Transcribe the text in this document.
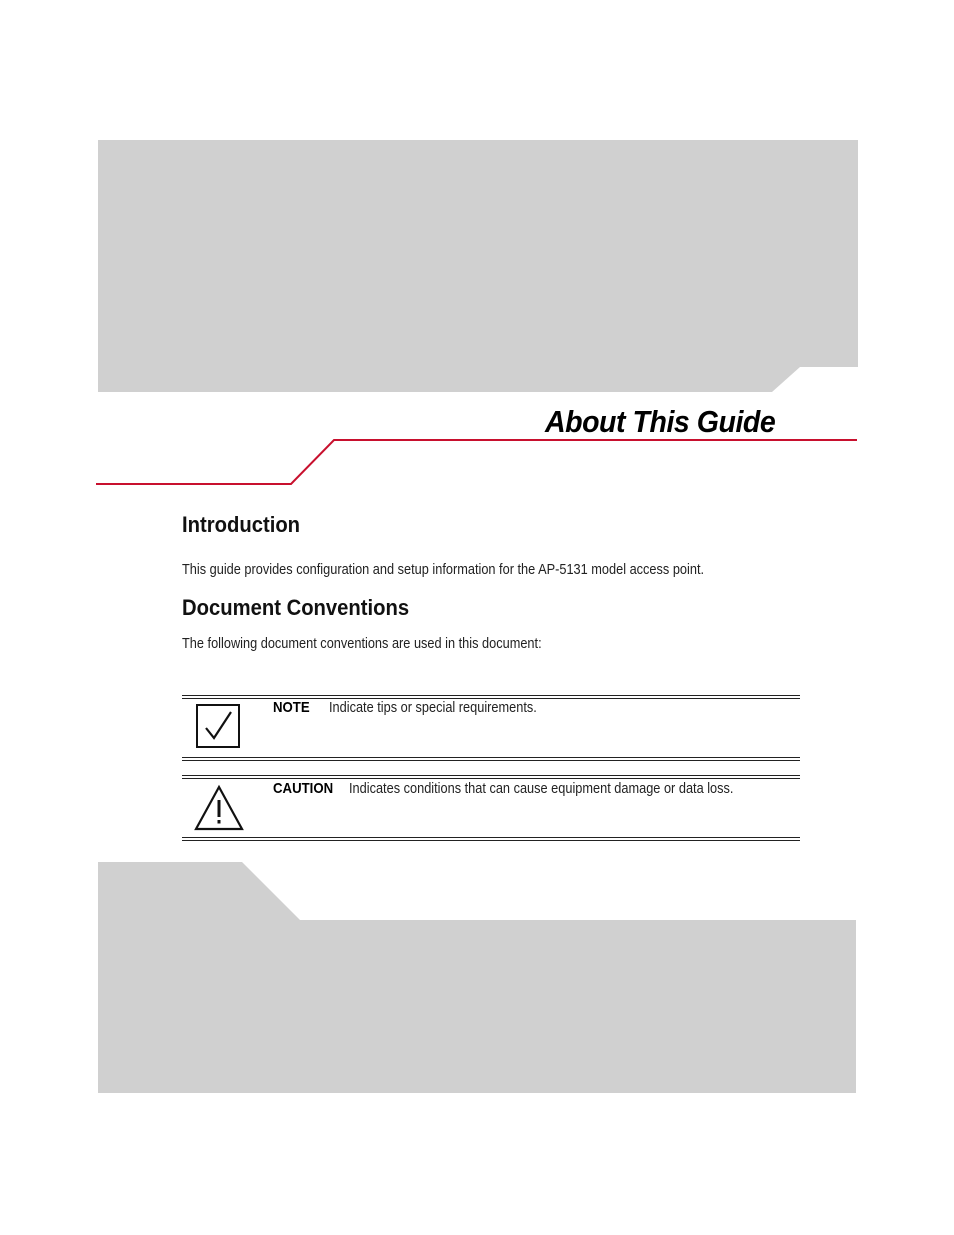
About This Guide
Introduction
This guide provides configuration and setup information for the AP-5131 model access point.
Document Conventions
The following document conventions are used in this document:
NOTE Indicate tips or special requirements.
CAUTION Indicates conditions that can cause equipment damage or data loss.
